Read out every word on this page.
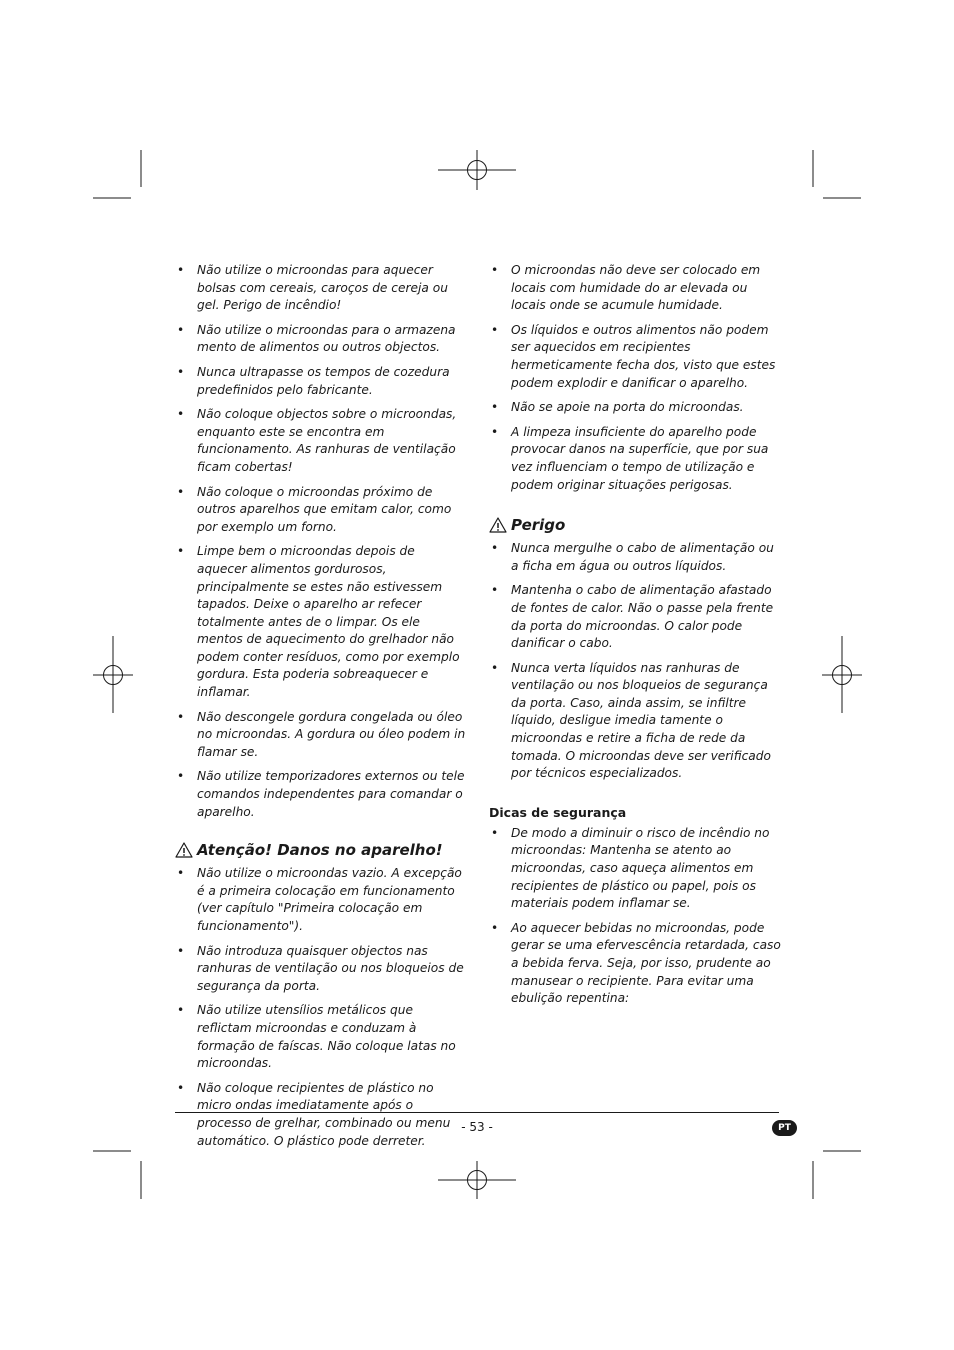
• Não utilize o microondas para aquecer bolsas com cereais, caroços de cereja ou gel. Perigo de incêndio!
• Não utilize o microondas para o armazena mento de alimentos ou outros objectos.
• Nunca ultrapasse os tempos de cozedura predefinidos pelo fabricante.
• Não coloque objectos sobre o microondas, enquanto este se encontra em funcionamento. As ranhuras de ventilação ficam cobertas!
• Não coloque o microondas próximo de outros aparelhos que emitam calor, como por exemplo um forno.
• Limpe bem o microondas depois de aquecer alimentos gordurosos, principalmente se estes não estivessem tapados. Deixe o aparelho ar refecer totalmente antes de o limpar. Os ele mentos de aquecimento do grelhador não podem conter resíduos, como por exemplo gordura. Esta poderia sobreaquecer e inflamar.
• Não descongele gordura congelada ou óleo no microondas. A gordura ou óleo podem in flamar se.
• Não utilize temporizadores externos ou tele comandos independentes para comandar o aparelho.
Atenção! Danos no aparelho!
• Não utilize o microondas vazio. A excepção é a primeira colocação em funcionamento (ver capítulo "Primeira colocação em funcionamento").
• Não introduza quaisquer objectos nas ranhuras de ventilação ou nos bloqueios de segurança da porta.
• Não utilize utensílios metálicos que reflictam microondas e conduzam à formação de faíscas. Não coloque latas no microondas.
• Não coloque recipientes de plástico no micro ondas imediatamente após o processo de grelhar, combinado ou menu automático. O plástico pode derreter.
• O microondas não deve ser colocado em locais com humidade do ar elevada ou locais onde se acumule humidade.
• Os líquidos e outros alimentos não podem ser aquecidos em recipientes hermeticamente fecha dos, visto que estes podem explodir e danificar o aparelho.
• Não se apoie na porta do microondas.
• A limpeza insuficiente do aparelho pode provocar danos na superfície, que por sua vez influenciam o tempo de utilização e podem originar situações perigosas.
Perigo
• Nunca mergulhe o cabo de alimentação ou a ficha em água ou outros líquidos.
• Mantenha o cabo de alimentação afastado de fontes de calor. Não o passe pela frente da porta do microondas. O calor pode danificar o cabo.
• Nunca verta líquidos nas ranhuras de ventilação ou nos bloqueios de segurança da porta. Caso, ainda assim, se infiltre líquido, desligue imedia tamente o microondas e retire a ficha de rede da tomada. O microondas deve ser verificado por técnicos especializados.
Dicas de segurança
• De modo a diminuir o risco de incêndio no microondas: Mantenha se atento ao microondas, caso aqueça alimentos em recipientes de plástico ou papel, pois os materiais podem inflamar se.
• Ao aquecer bebidas no microondas, pode gerar se uma efervescência retardada, caso a bebida ferva. Seja, por isso, prudente ao manusear o recipiente. Para evitar uma ebulição repentina:
- 53 -	PT
